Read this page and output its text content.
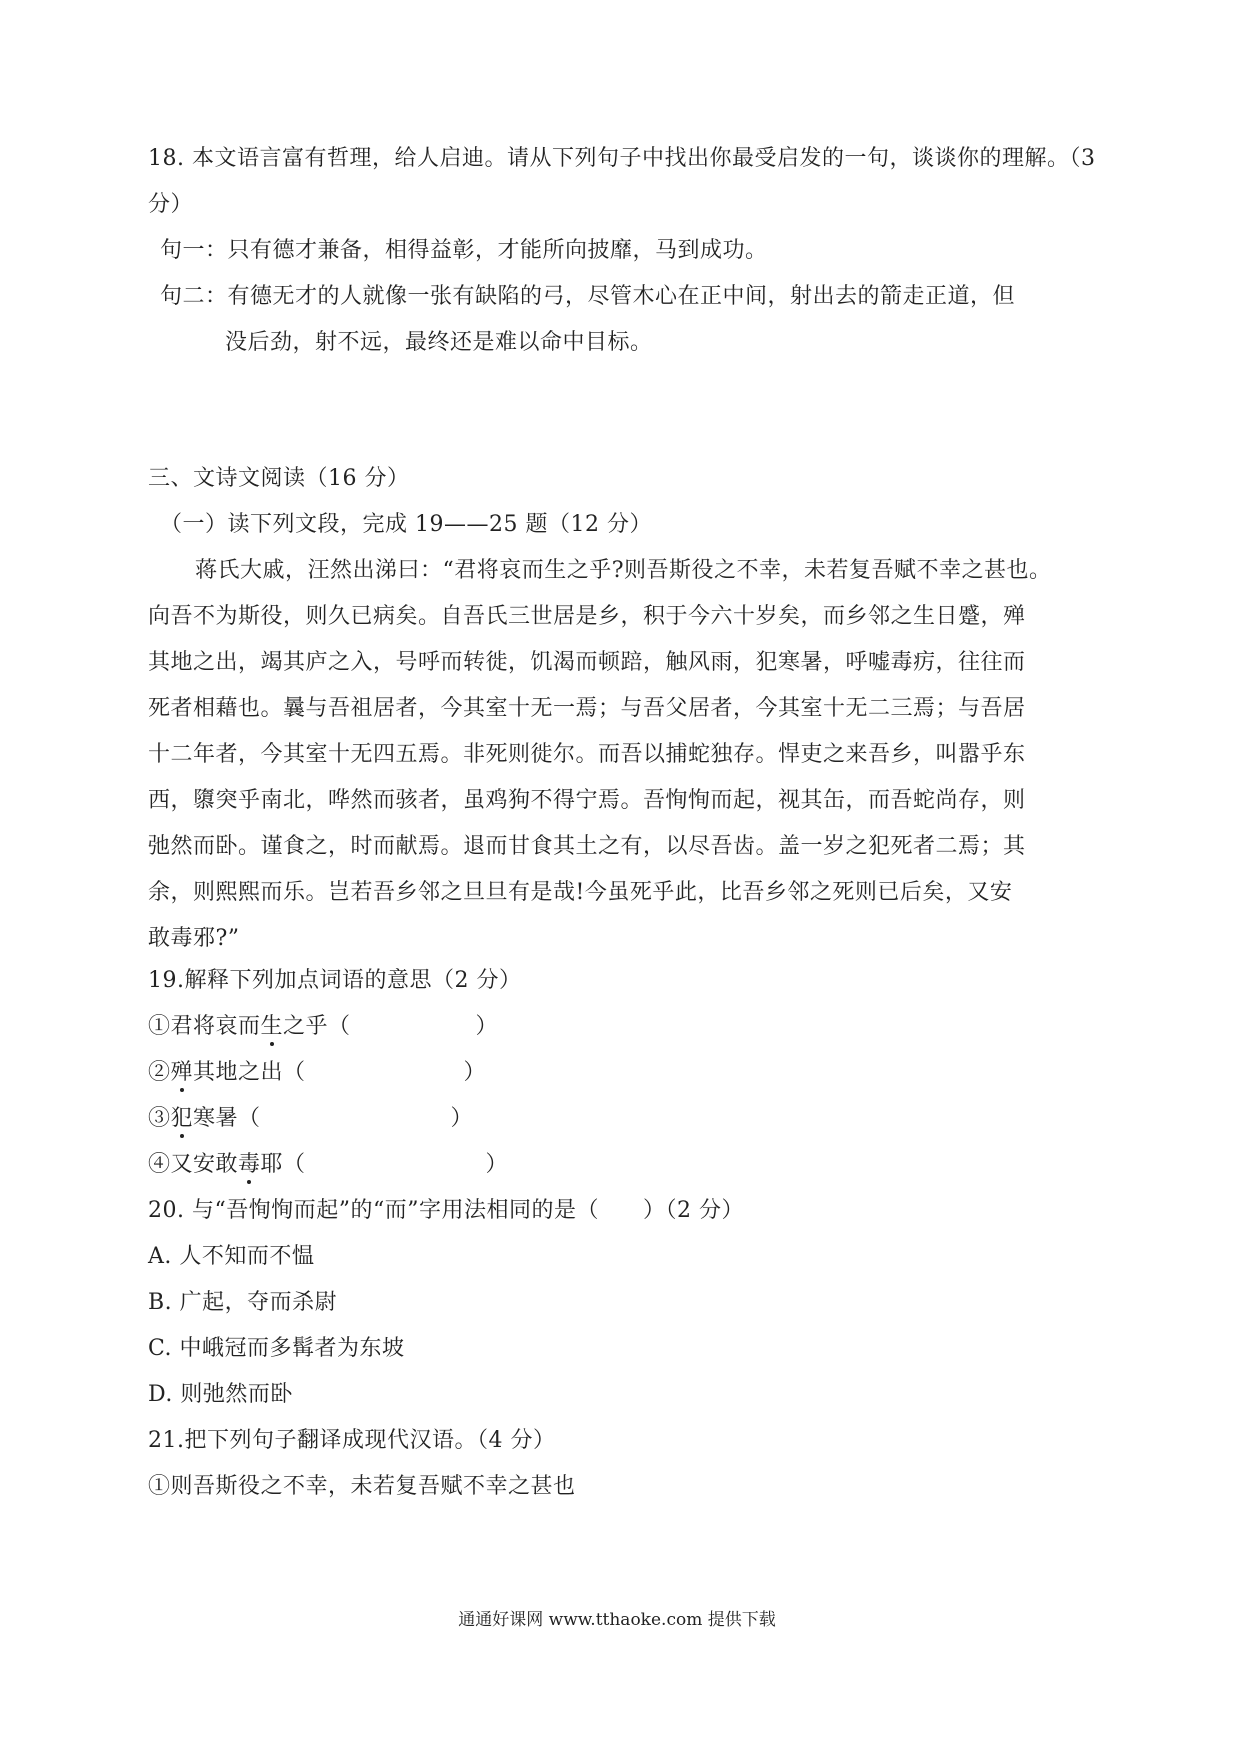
18. 本文语言富有哲理，给人启迪。请从下列句子中找出你最受启发的一句，谈谈你的理解。（3
分）
句一：只有德才兼备，相得益彰，才能所向披靡，马到成功。
句二：有德无才的人就像一张有缺陷的弓，尽管木心在正中间，射出去的箭走正道，但
没后劲，射不远，最终还是难以命中目标。
三、文诗文阅读（16 分）
（一）读下列文段，完成 19——25 题（12 分）
蒋氏大戚，汪然出涕曰：“君将哀而生之乎?则吾斯役之不幸，未若复吾赋不幸之甚也。
向吾不为斯役，则久已病矣。自吾氏三世居是乡，积于今六十岁矣，而乡邻之生日蹙，殚
其地之出，竭其庐之入，号呼而转徙，饥渴而顿踣，触风雨，犯寒暑，呼嘘毒疠，往往而
死者相藉也。曩与吾祖居者，今其室十无一焉；与吾父居者，今其室十无二三焉；与吾居
十二年者，今其室十无四五焉。非死则徙尔。而吾以捕蛇独存。悍吏之来吾乡，叫嚣乎东
西，隳突乎南北，哗然而骇者，虽鸡狗不得宁焉。吾恂恂而起，视其缶，而吾蛇尚存，则
弛然而卧。谨食之，时而献焉。退而甘食其土之有，以尽吾齿。盖一岁之犯死者二焉；其
余，则熙熙而乐。岂若吾乡邻之旦旦有是哉!今虽死乎此，比吾乡邻之死则已后矣，又安
敢毒邪?”
19.解释下列加点词语的意思（2 分）
①君将哀而生之乎（	）
②殚其地之出（	）
③犯寒暑（	）
④又安敢毒耶（	）
20. 与“吾恂恂而起”的“而”字用法相同的是（ ）（2 分）
A. 人不知而不愠
B. 广起，夺而杀尉
C. 中峨冠而多髯者为东坡
D. 则弛然而卧
21.把下列句子翻译成现代汉语。（4 分）
①则吾斯役之不幸，未若复吾赋不幸之甚也
通通好课网 www.tthaoke.com 提供下载
